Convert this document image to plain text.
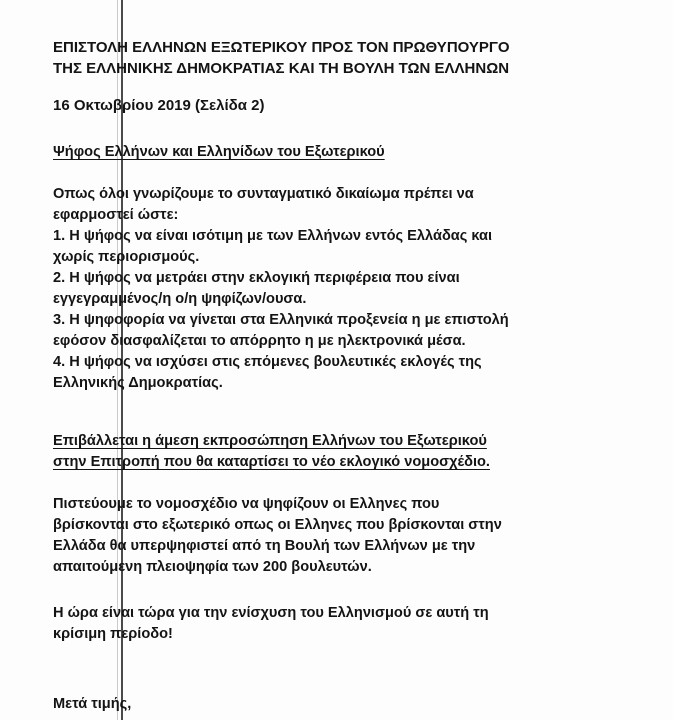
ΕΠΙΣΤΟΛΗ ΕΛΛΗΝΩΝ ΕΞΩΤΕΡΙΚΟΥ ΠΡΟΣ ΤΟΝ ΠΡΩΘΥΠΟΥΡΓΟ
ΤΗΣ ΕΛΛΗΝΙΚΗΣ ΔΗΜΟΚΡΑΤΙΑΣ ΚΑΙ ΤΗ ΒΟΥΛΗ ΤΩΝ ΕΛΛΗΝΩΝ
16 Οκτωβρίου 2019 (Σελίδα 2)
Ψήφος Ελλήνων και Ελληνίδων του Εξωτερικού
Οπως όλοι γνωρίζουμε το συνταγματικό δικαίωμα πρέπει να
εφαρμοστεί ώστε:
1. Η ψήφος να είναι ισότιμη με των Ελλήνων εντός Ελλάδας και
χωρίς περιορισμούς.
2. Η ψήφος να μετράει στην εκλογική περιφέρεια που είναι
εγγεγραμμένος/η ο/η ψηφίζων/ουσα.
3. Η ψηφοφορία να γίνεται στα Ελληνικά προξενεία η με επιστολή
εφόσον διασφαλίζεται το απόρρητο η με ηλεκτρονικά μέσα.
4. Η ψήφος να ισχύσει στις επόμενες βουλευτικές εκλογές της
Ελληνικής Δημοκρατίας.
Επιβάλλεται η άμεση εκπροσώπηση Ελλήνων του Εξωτερικού
στην Επιτροπή που θα καταρτίσει το νέο εκλογικό νομοσχέδιο.
Πιστεύουμε το νομοσχέδιο να ψηφίζουν οι Ελληνες που
βρίσκονται στο εξωτερικό οπως οι Ελληνες που βρίσκονται στην
Ελλάδα θα υπερψηφιστεί από τη Βουλή των Ελλήνων με την
απαιτούμενη πλειοψηφία των 200 βουλευτών.
Η ώρα είναι τώρα για την ενίσχυση του Ελληνισμού σε αυτή τη
κρίσιμη περίοδο!
Μετά τιμής,
